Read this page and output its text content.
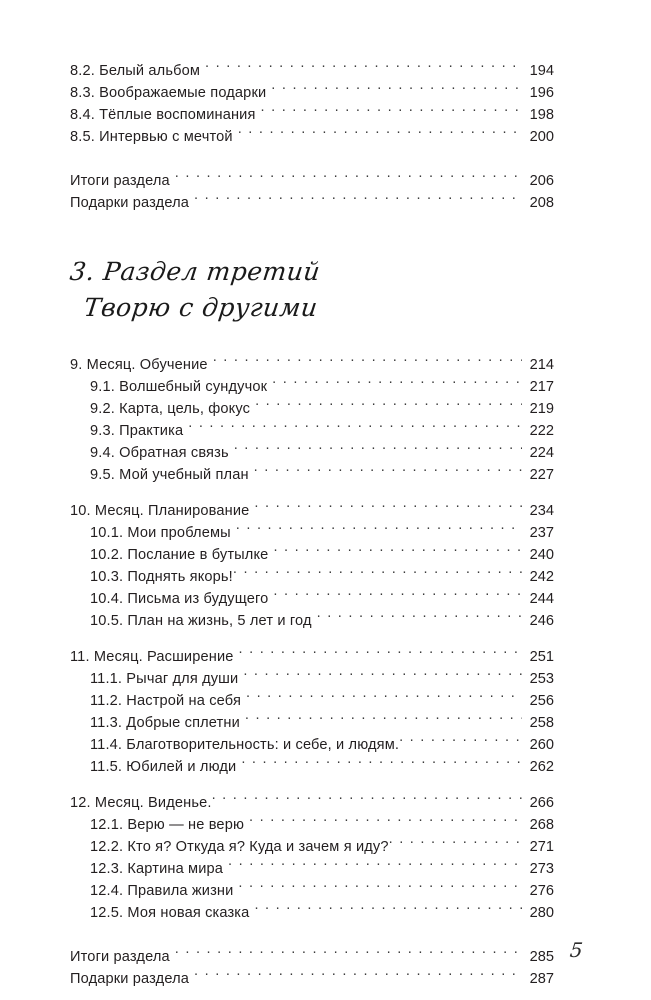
8.2. Белый альбом . . .	194
8.3. Воображаемые подарки . . .	196
8.4. Тёплые воспоминания . . .	198
8.5. Интервью с мечтой . . .	200
Итоги раздела . . .	206
Подарки раздела . . .	208
3. Раздел третий
Творю с другими
9. Месяц. Обучение . . .	214
9.1. Волшебный сундучок . . .	217
9.2. Карта, цель, фокус . . .	219
9.3. Практика . . .	222
9.4. Обратная связь . . .	224
9.5. Мой учебный план . . .	227
10. Месяц. Планирование . . .	234
10.1. Мои проблемы . . .	237
10.2. Послание в бутылке . . .	240
10.3. Поднять якорь! . . .	242
10.4. Письма из будущего . . .	244
10.5. План на жизнь, 5 лет и год . . .	246
11. Месяц. Расширение . . .	251
11.1. Рычаг для души . . .	253
11.2. Настрой на себя . . .	256
11.3. Добрые сплетни . . .	258
11.4. Благотворительность: и себе, и людям. . . .	260
11.5. Юбилей и люди . . .	262
12. Месяц. Виденье. . . .	266
12.1. Верю — не верю . . .	268
12.2. Кто я? Откуда я? Куда и зачем я иду? . . .	271
12.3. Картина мира . . .	273
12.4. Правила жизни . . .	276
12.5. Моя новая сказка . . .	280
Итоги раздела . . .	285
Подарки раздела . . .	287
5
